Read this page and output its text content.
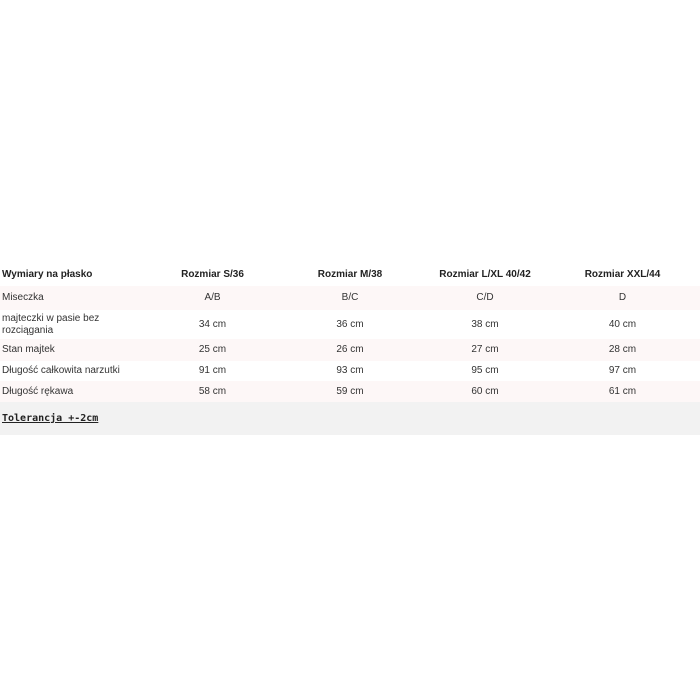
Wymiary na płasko	Rozmiar S/36	Rozmiar M/38	Rozmiar L/XL 40/42	Rozmiar XXL/44
Miseczka	A/B	B/C	C/D	D
majteczki w pasie bez rozciągania	34 cm	36 cm	38 cm	40 cm
Stan majtek	25 cm	26 cm	27 cm	28 cm
Długość całkowita narzutki	91 cm	93 cm	95 cm	97 cm
Długość rękawa	58 cm	59 cm	60 cm	61 cm
Tolerancja +-2cm
